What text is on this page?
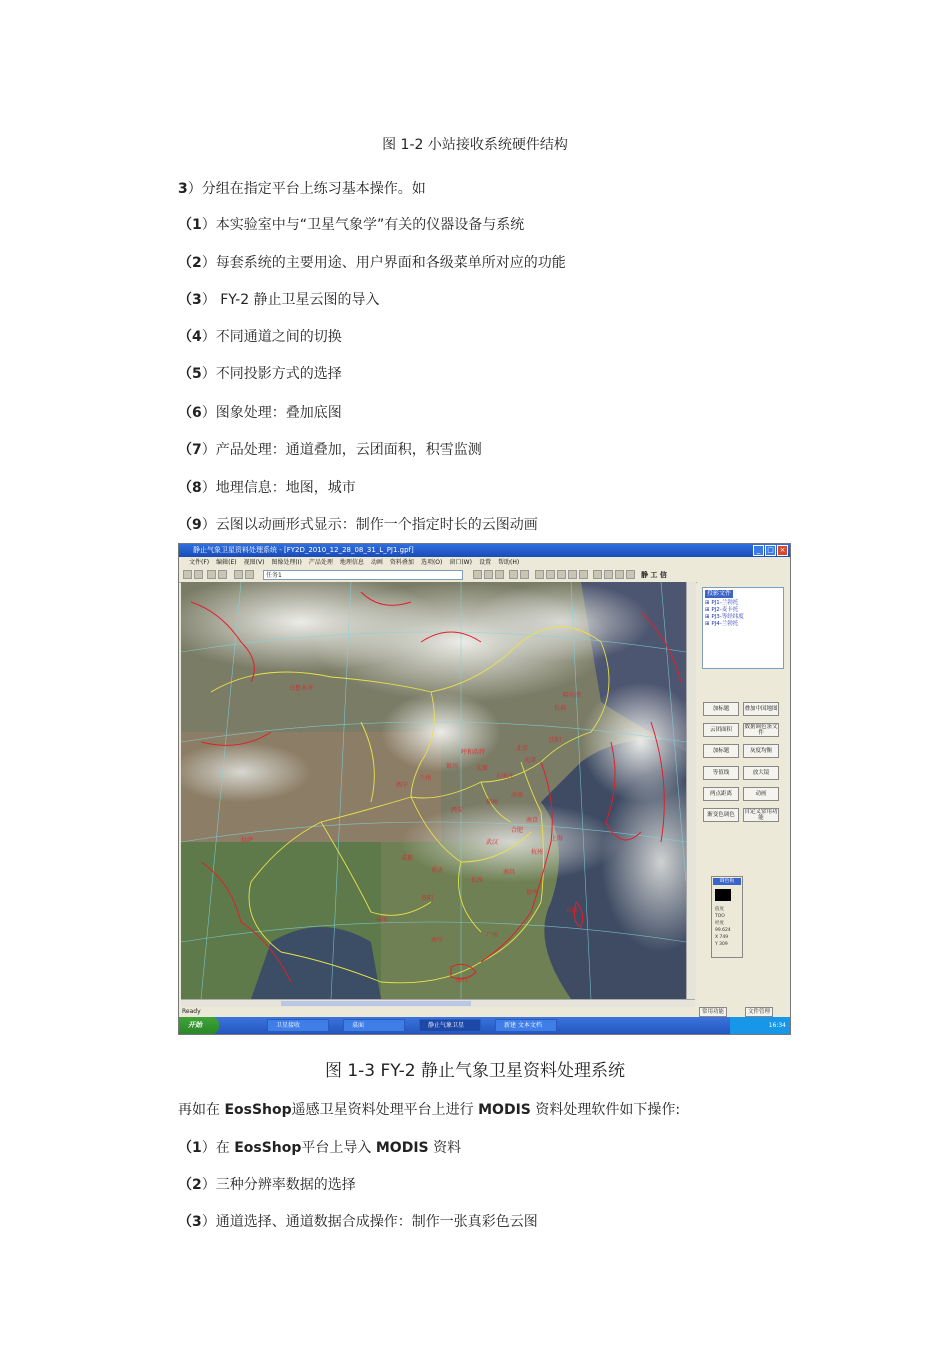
图 1-2 小站接收系统硬件结构
3）分组在指定平台上练习基本操作。如
（1）本实验室中与“卫星气象学”有关的仪器设备与系统
（2）每套系统的主要用途、用户界面和各级菜单所对应的功能
（3） FY-2 静止卫星云图的导入
（4）不同通道之间的切换
（5）不同投影方式的选择
（6）图象处理：叠加底图
（7）产品处理：通道叠加，云团面积，积雪监测
（8）地理信息：地图，城市
（9）云图以动画形式显示：制作一个指定时长的云图动画
静止气象卫星资料处理系统 - [FY2D_2010_12_28_08_31_L_PJ1.gpf]	_ □ ×
文件(F) 编辑(E) 视图(V) 图像处理(I) 产品处理 地理信息 动画 资料叠加 选项(O) 窗口(W) 设置 帮助(H)
任务1	静 工 信
乌鲁木齐
哈尔滨
长春
沈阳
呼和浩特
北京
天津
太原
石家庄
兰州
银川
西宁
济南
郑州
西安
拉萨
成都
重庆
武汉
合肥
南京
上海
杭州
长沙
南昌
贵阳
昆明
福州
台湾
广州
南宁
海口
Ready
投影文件
⊞ PJ1-兰勃托
⊞ PJ2-麦卡托
⊞ PJ3-等经纬度
⊞ PJ4-兰勃托
加标题	叠加中国地图
云团面积	数据调色条文件
加标题	灰度均衡
等值线	放大镜
两点距离	动画
渐变色调色	自定义常用功能
调色板
值度
TOO
经度
99.624
X 749
Y 309
常用功能	文件管理
开始	卫星接收	桌面	静止气象卫星	新建 文本文档	16:34
图 1-3 FY-2 静止气象卫星资料处理系统
再如在 EosShop遥感卫星资料处理平台上进行 MODIS 资料处理软件如下操作:
（1）在 EosShop平台上导入 MODIS 资料
（2）三种分辨率数据的选择
（3）通道选择、通道数据合成操作：制作一张真彩色云图
